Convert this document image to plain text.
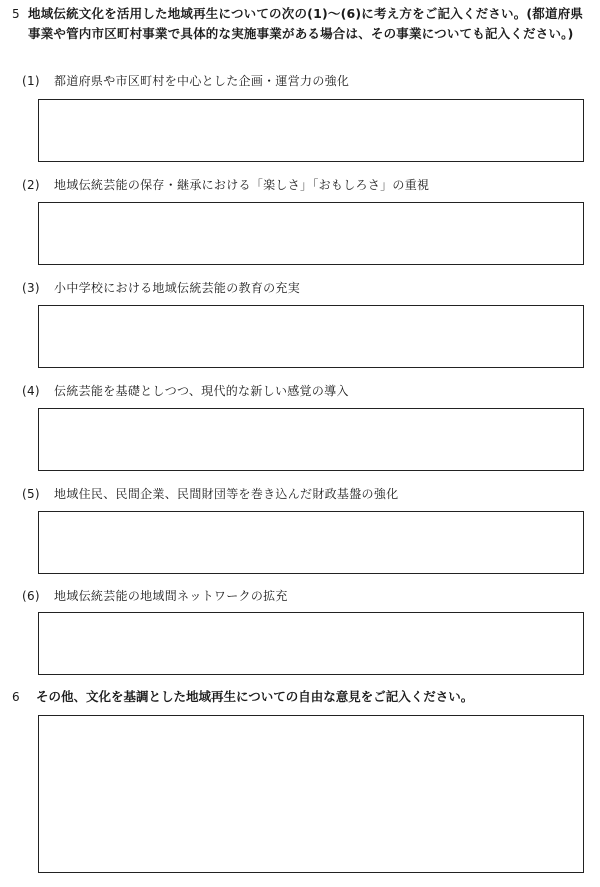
5 地域伝統文化を活用した地域再生についての次の(1)～(6)に考え方をご記入ください。(都道府県事業や管内市区町村事業で具体的な実施事業がある場合は、その事業についても記入ください。)
(1) 都道府県や市区町村を中心とした企画・運営力の強化
(2) 地域伝統芸能の保存・継承における「楽しさ」「おもしろさ」の重視
(3) 小中学校における地域伝統芸能の教育の充実
(4) 伝統芸能を基礎としつつ、現代的な新しい感覚の導入
(5) 地域住民、民間企業、民間財団等を巻き込んだ財政基盤の強化
(6) 地域伝統芸能の地域間ネットワークの拡充
6 その他、文化を基調とした地域再生についての自由な意見をご記入ください。
